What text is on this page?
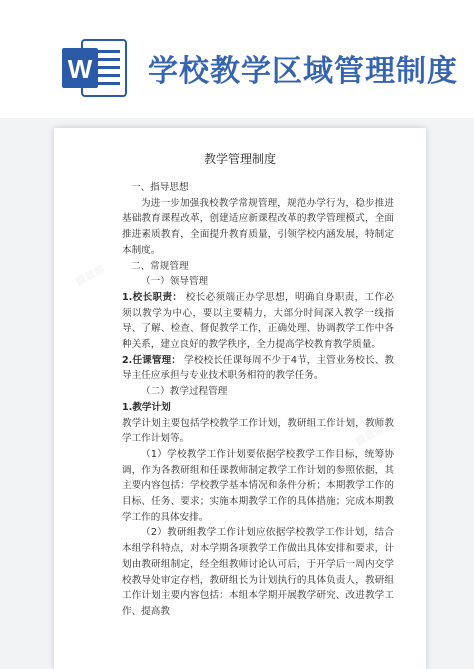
W 学校教学区域管理制度
▦▦▦
▦▦▦
教学管理制度

一、指导思想

为进一步加强我校教学常规管理，规范办学行为，稳步推进基础教育课程改革，创建适应新课程改革的教学管理模式，全面推进素质教育，全面提升教育质量，引领学校内涵发展，特制定本制度。

二、常规管理

（一）领导管理

1.校长职责： 校长必须端正办学思想，明确自身职责，工作必须以教学为中心，要以主要精力，大部分时间深入教学一线指导、了解、检查、督促教学工作，正确处理、协调教学工作中各种关系，建立良好的教学秩序，全力提高学校教育教学质量。

2.任课管理： 学校校长任课每周不少于4节，主管业务校长、教导主任应承担与专业技术职务相符的教学任务。

（二）教学过程管理

1.教学计划

教学计划主要包括学校教学工作计划，教研组工作计划，教师教学工作计划等。

（1）学校教学工作计划要依据学校教学工作目标，统筹协调，作为各教研组和任课教师制定教学工作计划的参照依据，其主要内容包括：学校教学基本情况和条件分析；本期教学工作的目标、任务、要求；实施本期教学工作的具体措施；完成本期教学工作的具体安排。

（2）教研组教学工作计划应依据学校教学工作计划，结合本组学科特点，对本学期各项教学工作做出具体安排和要求，计划由教研组制定，经全组教师讨论认可后，于开学后一周内交学校教导处审定存档，教研组长为计划执行的具体负责人，教研组工作计划主要内容包括：本组本学期开展教学研究、改进教学工作、提高教
